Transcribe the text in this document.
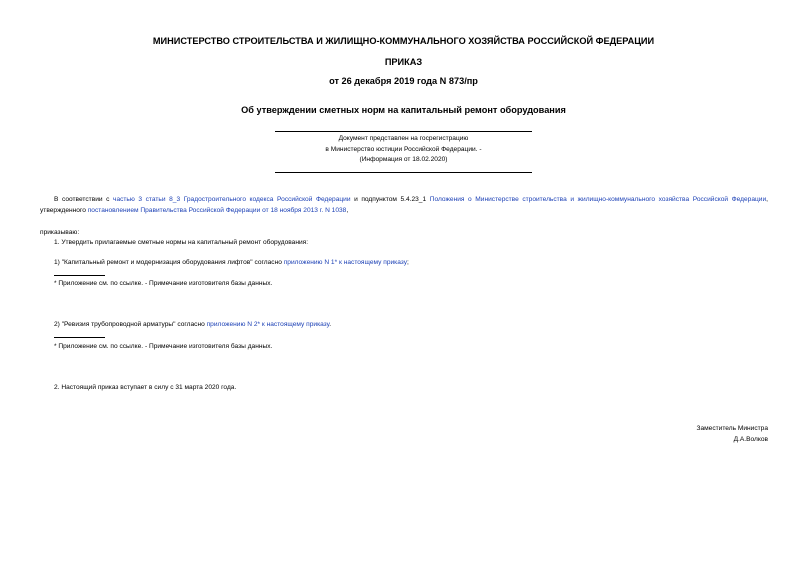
МИНИСТЕРСТВО СТРОИТЕЛЬСТВА И ЖИЛИЩНО-КОММУНАЛЬНОГО ХОЗЯЙСТВА РОССИЙСКОЙ ФЕДЕРАЦИИ
ПРИКАЗ
от 26 декабря 2019 года N 873/пр
Об утверждении сметных норм на капитальный ремонт оборудования
Документ представлен на госрегистрацию
в Министерство юстиции Российской Федерации. -
(Информация от 18.02.2020)
В соответствии с частью 3 статьи 8_3 Градостроительного кодекса Российской Федерации и подпунктом 5.4.23_1 Положения о Министерстве строительства и жилищно-коммунального хозяйства Российской Федерации, утвержденного постановлением Правительства Российской Федерации от 18 ноября 2013 г. N 1038,
приказываю:
1. Утвердить прилагаемые сметные нормы на капитальный ремонт оборудования:
1) "Капитальный ремонт и модернизация оборудования лифтов" согласно приложению N 1* к настоящему приказу;
* Приложение см. по ссылке. - Примечание изготовителя базы данных.
2) "Ревизия трубопроводной арматуры" согласно приложению N 2* к настоящему приказу.
* Приложение см. по ссылке. - Примечание изготовителя базы данных.
2. Настоящий приказ вступает в силу с 31 марта 2020 года.
Заместитель Министра
Д.А.Волков
